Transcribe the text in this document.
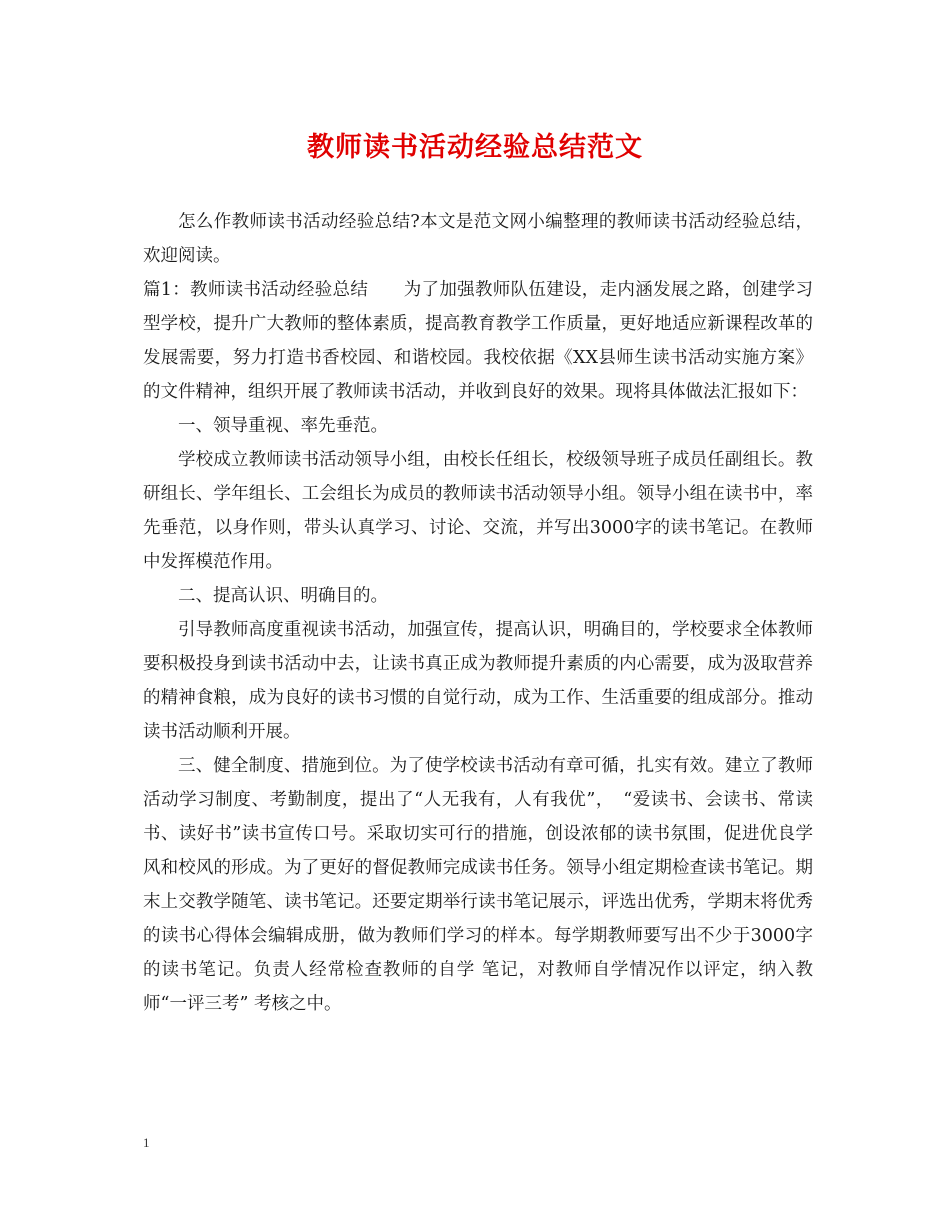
教师读书活动经验总结范文

怎么作教师读书活动经验总结?本文是范文网小编整理的教师读书活动经验总结，欢迎阅读。

篇1：教师读书活动经验总结　　为了加强教师队伍建设，走内涵发展之路，创建学习型学校，提升广大教师的整体素质，提高教育教学工作质量，更好地适应新课程改革的发展需要，努力打造书香校园、和谐校园。我校依据《XX县师生读书活动实施方案》的文件精神，组织开展了教师读书活动，并收到良好的效果。现将具体做法汇报如下：

一、领导重视、率先垂范。

学校成立教师读书活动领导小组，由校长任组长，校级领导班子成员任副组长。教研组长、学年组长、工会组长为成员的教师读书活动领导小组。领导小组在读书中，率先垂范，以身作则，带头认真学习、讨论、交流，并写出3000字的读书笔记。在教师中发挥模范作用。

二、提高认识、明确目的。

引导教师高度重视读书活动，加强宣传，提高认识，明确目的，学校要求全体教师要积极投身到读书活动中去，让读书真正成为教师提升素质的内心需要，成为汲取营养的精神食粮，成为良好的读书习惯的自觉行动，成为工作、生活重要的组成部分。推动读书活动顺利开展。

三、健全制度、措施到位。为了使学校读书活动有章可循，扎实有效。建立了教师活动学习制度、考勤制度，提出了“人无我有，人有我优”，　“爱读书、会读书、常读书、读好书”读书宣传口号。采取切实可行的措施，创设浓郁的读书氛围，促进优良学风和校风的形成。为了更好的督促教师完成读书任务。领导小组定期检查读书笔记。期末上交教学随笔、读书笔记。还要定期举行读书笔记展示，评选出优秀，学期末将优秀的读书心得体会编辑成册，做为教师们学习的样本。每学期教师要写出不少于3000字的读书笔记。负责人经常检查教师的自学 笔记，对教师自学情况作以评定，纳入教师“一评三考” 考核之中。

1
